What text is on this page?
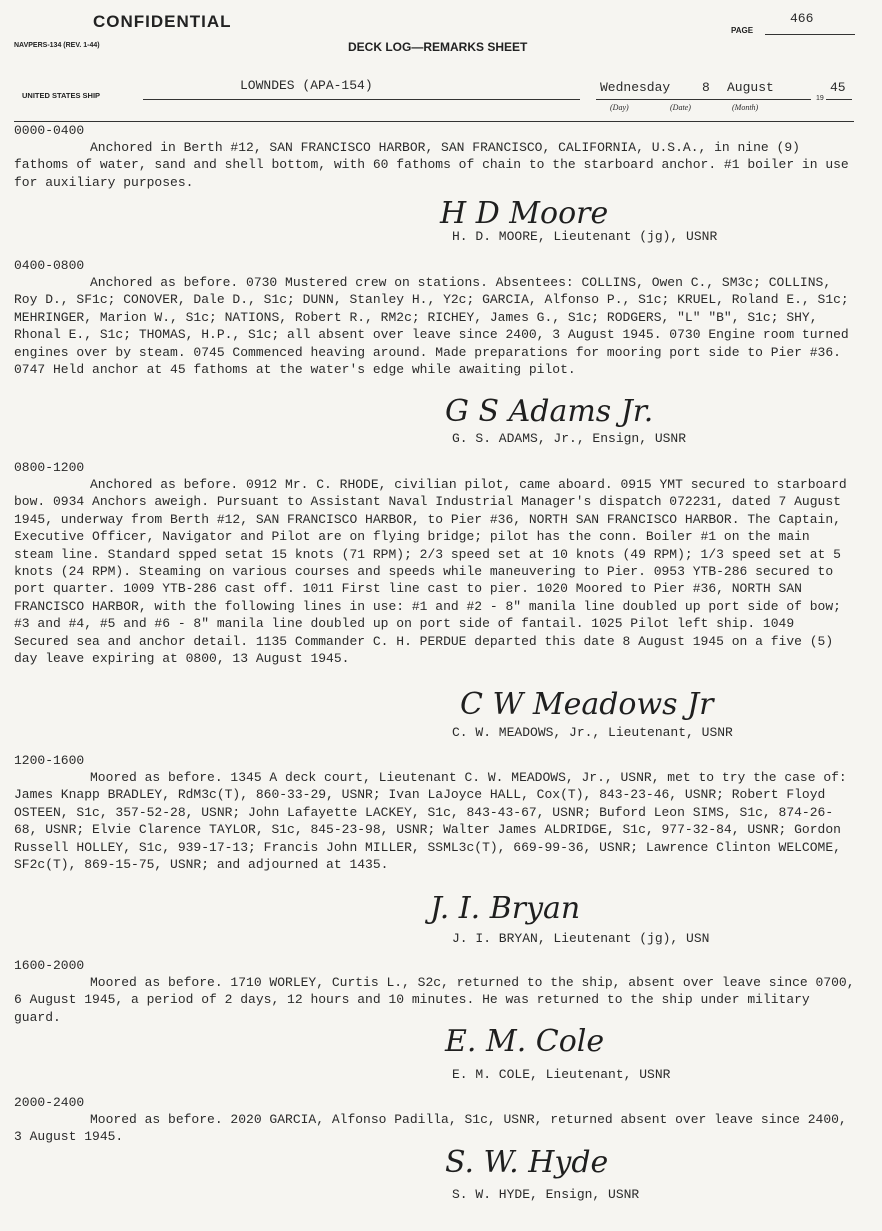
CONFIDENTIAL	PAGE
466
NAVPERS-134 (REV. 1-44)	DECK LOG—REMARKS SHEET
UNITED STATES SHIP
LOWNDES (APA-154)	Wednesday 8 August
(Day)	(Date)	(Month)
19
45

0000-0400

Anchored in Berth #12, SAN FRANCISCO HARBOR, SAN FRANCISCO, CALIFORNIA, U.S.A., in nine (9) fathoms of water, sand and shell bottom, with 60 fathoms of chain to the starboard anchor. #1 boiler in use for auxiliary purposes.

H D Moore
H. D. MOORE, Lieutenant (jg), USNR

0400-0800

Anchored as before. 0730 Mustered crew on stations. Absentees: COLLINS, Owen C., SM3c; COLLINS, Roy D., SF1c; CONOVER, Dale D., S1c; DUNN, Stanley H., Y2c; GARCIA, Alfonso P., S1c; KRUEL, Roland E., S1c; MEHRINGER, Marion W., S1c; NATIONS, Robert R., RM2c; RICHEY, James G., S1c; RODGERS, "L" "B", S1c; SHY, Rhonal E., S1c; THOMAS, H.P., S1c; all absent over leave since 2400, 3 August 1945. 0730 Engine room turned engines over by steam. 0745 Commenced heaving around. Made preparations for mooring port side to Pier #36. 0747 Held anchor at 45 fathoms at the water's edge while awaiting pilot.

G S Adams Jr.
G. S. ADAMS, Jr., Ensign, USNR

0800-1200

Anchored as before. 0912 Mr. C. RHODE, civilian pilot, came aboard. 0915 YMT secured to starboard bow. 0934 Anchors aweigh. Pursuant to Assistant Naval Industrial Manager's dispatch 072231, dated 7 August 1945, underway from Berth #12, SAN FRANCISCO HARBOR, to Pier #36, NORTH SAN FRANCISCO HARBOR. The Captain, Executive Officer, Navigator and Pilot are on flying bridge; pilot has the conn. Boiler #1 on the main steam line. Standard spped setat 15 knots (71 RPM); 2/3 speed set at 10 knots (49 RPM); 1/3 speed set at 5 knots (24 RPM). Steaming on various courses and speeds while maneuvering to Pier. 0953 YTB-286 secured to port quarter. 1009 YTB-286 cast off. 1011 First line cast to pier. 1020 Moored to Pier #36, NORTH SAN FRANCISCO HARBOR, with the following lines in use: #1 and #2 - 8" manila line doubled up port side of bow; #3 and #4, #5 and #6 - 8" manila line doubled up on port side of fantail. 1025 Pilot left ship. 1049 Secured sea and anchor detail. 1135 Commander C. H. PERDUE departed this date 8 August 1945 on a five (5) day leave expiring at 0800, 13 August 1945.

C W Meadows Jr
C. W. MEADOWS, Jr., Lieutenant, USNR

1200-1600

Moored as before. 1345 A deck court, Lieutenant C. W. MEADOWS, Jr., USNR, met to try the case of: James Knapp BRADLEY, RdM3c(T), 860-33-29, USNR; Ivan LaJoyce HALL, Cox(T), 843-23-46, USNR; Robert Floyd OSTEEN, S1c, 357-52-28, USNR; John Lafayette LACKEY, S1c, 843-43-67, USNR; Buford Leon SIMS, S1c, 874-26-68, USNR; Elvie Clarence TAYLOR, S1c, 845-23-98, USNR; Walter James ALDRIDGE, S1c, 977-32-84, USNR; Gordon Russell HOLLEY, S1c, 939-17-13; Francis John MILLER, SSML3c(T), 669-99-36, USNR; Lawrence Clinton WELCOME, SF2c(T), 869-15-75, USNR; and adjourned at 1435.

J. I. Bryan
J. I. BRYAN, Lieutenant (jg), USN

1600-2000

Moored as before. 1710 WORLEY, Curtis L., S2c, returned to the ship, absent over leave since 0700, 6 August 1945, a period of 2 days, 12 hours and 10 minutes. He was returned to the ship under military guard.

E. M. Cole
E. M. COLE, Lieutenant, USNR

2000-2400

Moored as before. 2020 GARCIA, Alfonso Padilla, S1c, USNR, returned absent over leave since 2400, 3 August 1945.

S. W. Hyde
S. W. HYDE, Ensign, USNR
